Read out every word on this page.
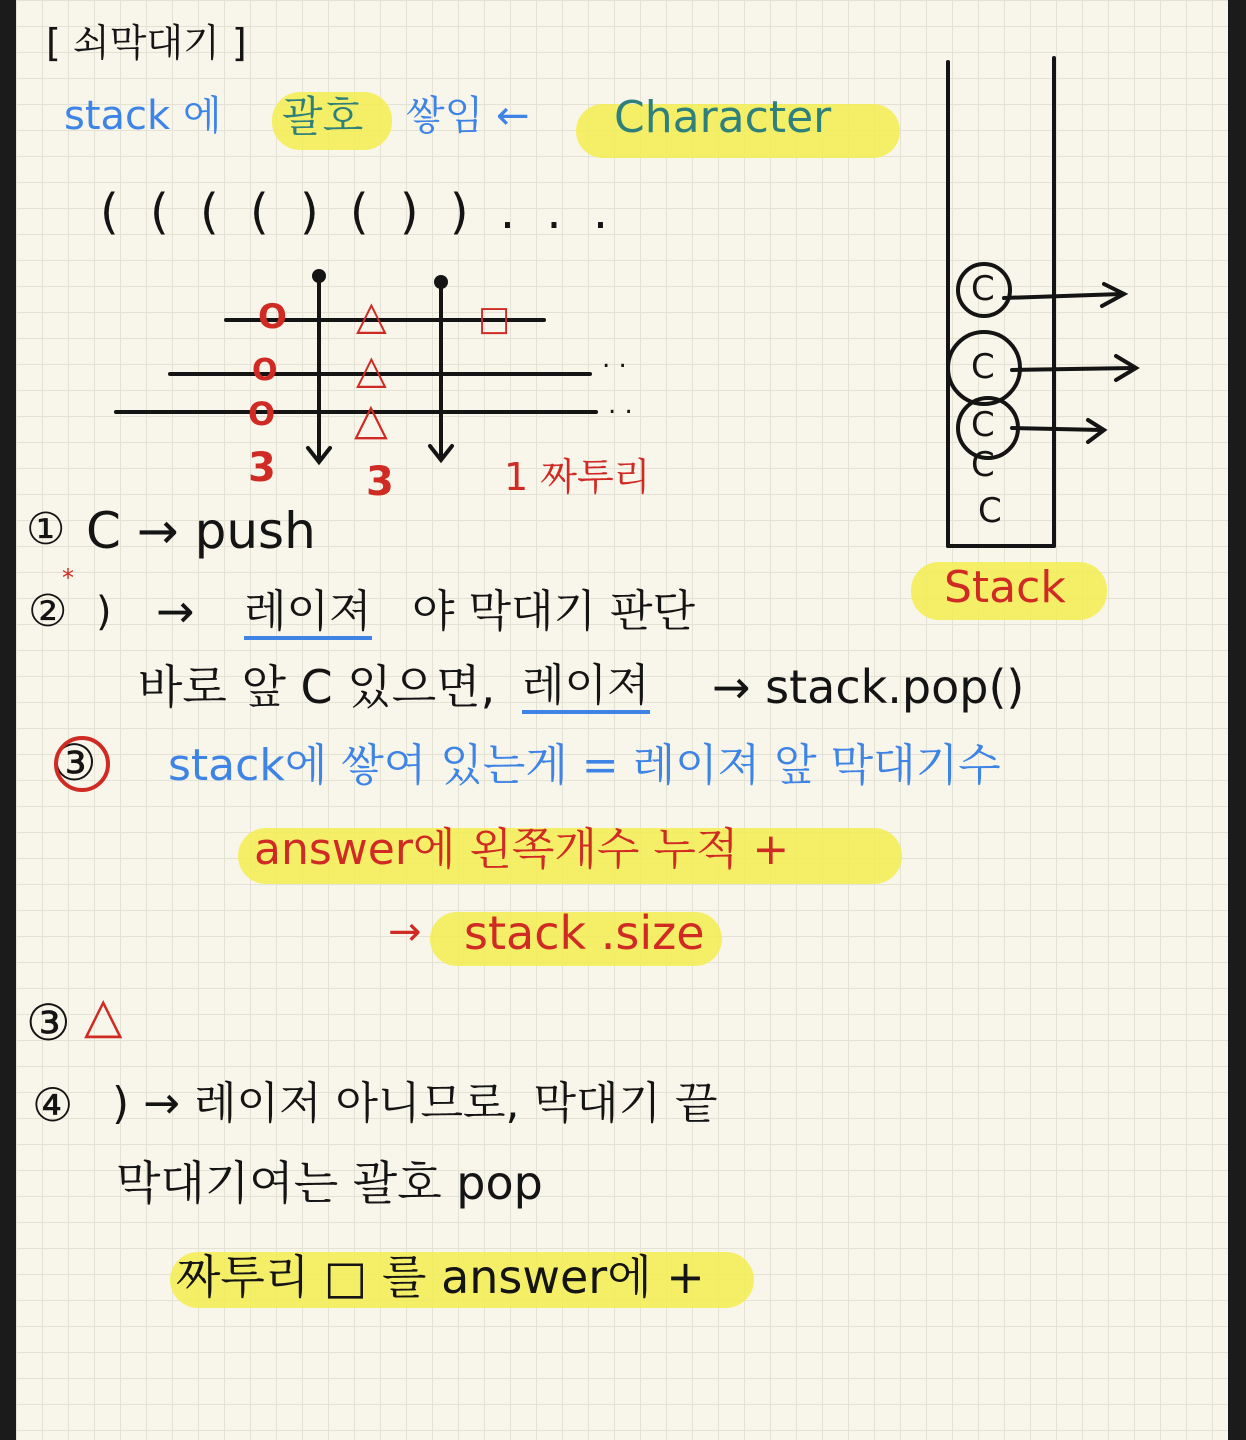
[ 쇠막대기 ]
stack 에 괄호 쌓임 ← Character
( ( ( ( ) ( ) ) . . .
O
O
O
△
△
△
□
. .
. .
3 3	1 짜투리
C
C
C
C
C
Stack
① C → push
*
② ) → 레이져 야 막대기 판단
바로 앞 C 있으면, 레이져 → stack.pop()
③ stack에 쌓여 있는게 = 레이져 앞 막대기수
answer에 왼쪽개수 누적 +
→ stack .size
③ △
④ ) → 레이저 아니므로, 막대기 끝
막대기여는 괄호 pop
짜투리 □ 를 answer에 +
